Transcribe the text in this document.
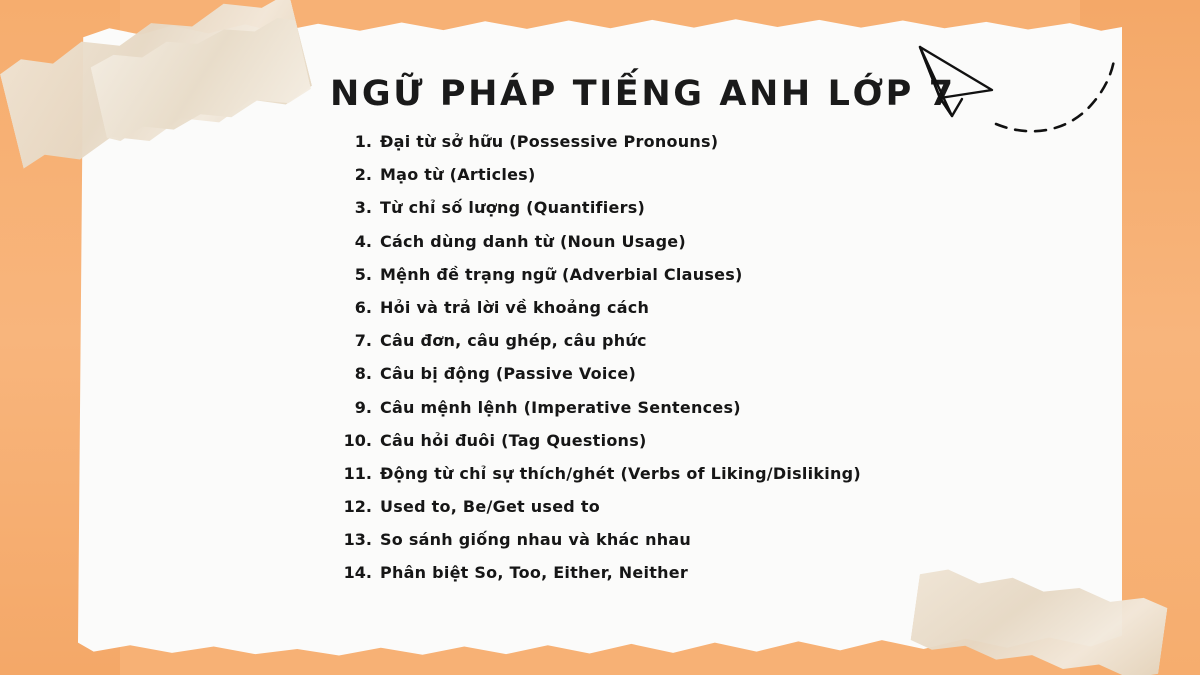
NGỮ PHÁP TIẾNG ANH LỚP 7
1. Đại từ sở hữu (Possessive Pronouns)
2. Mạo từ (Articles)
3. Từ chỉ số lượng (Quantifiers)
4. Cách dùng danh từ (Noun Usage)
5. Mệnh đề trạng ngữ (Adverbial Clauses)
6. Hỏi và trả lời về khoảng cách
7. Câu đơn, câu ghép, câu phức
8. Câu bị động (Passive Voice)
9. Câu mệnh lệnh (Imperative Sentences)
10. Câu hỏi đuôi (Tag Questions)
11. Động từ chỉ sự thích/ghét (Verbs of Liking/Disliking)
12. Used to, Be/Get used to
13. So sánh giống nhau và khác nhau
14. Phân biệt So, Too, Either, Neither
